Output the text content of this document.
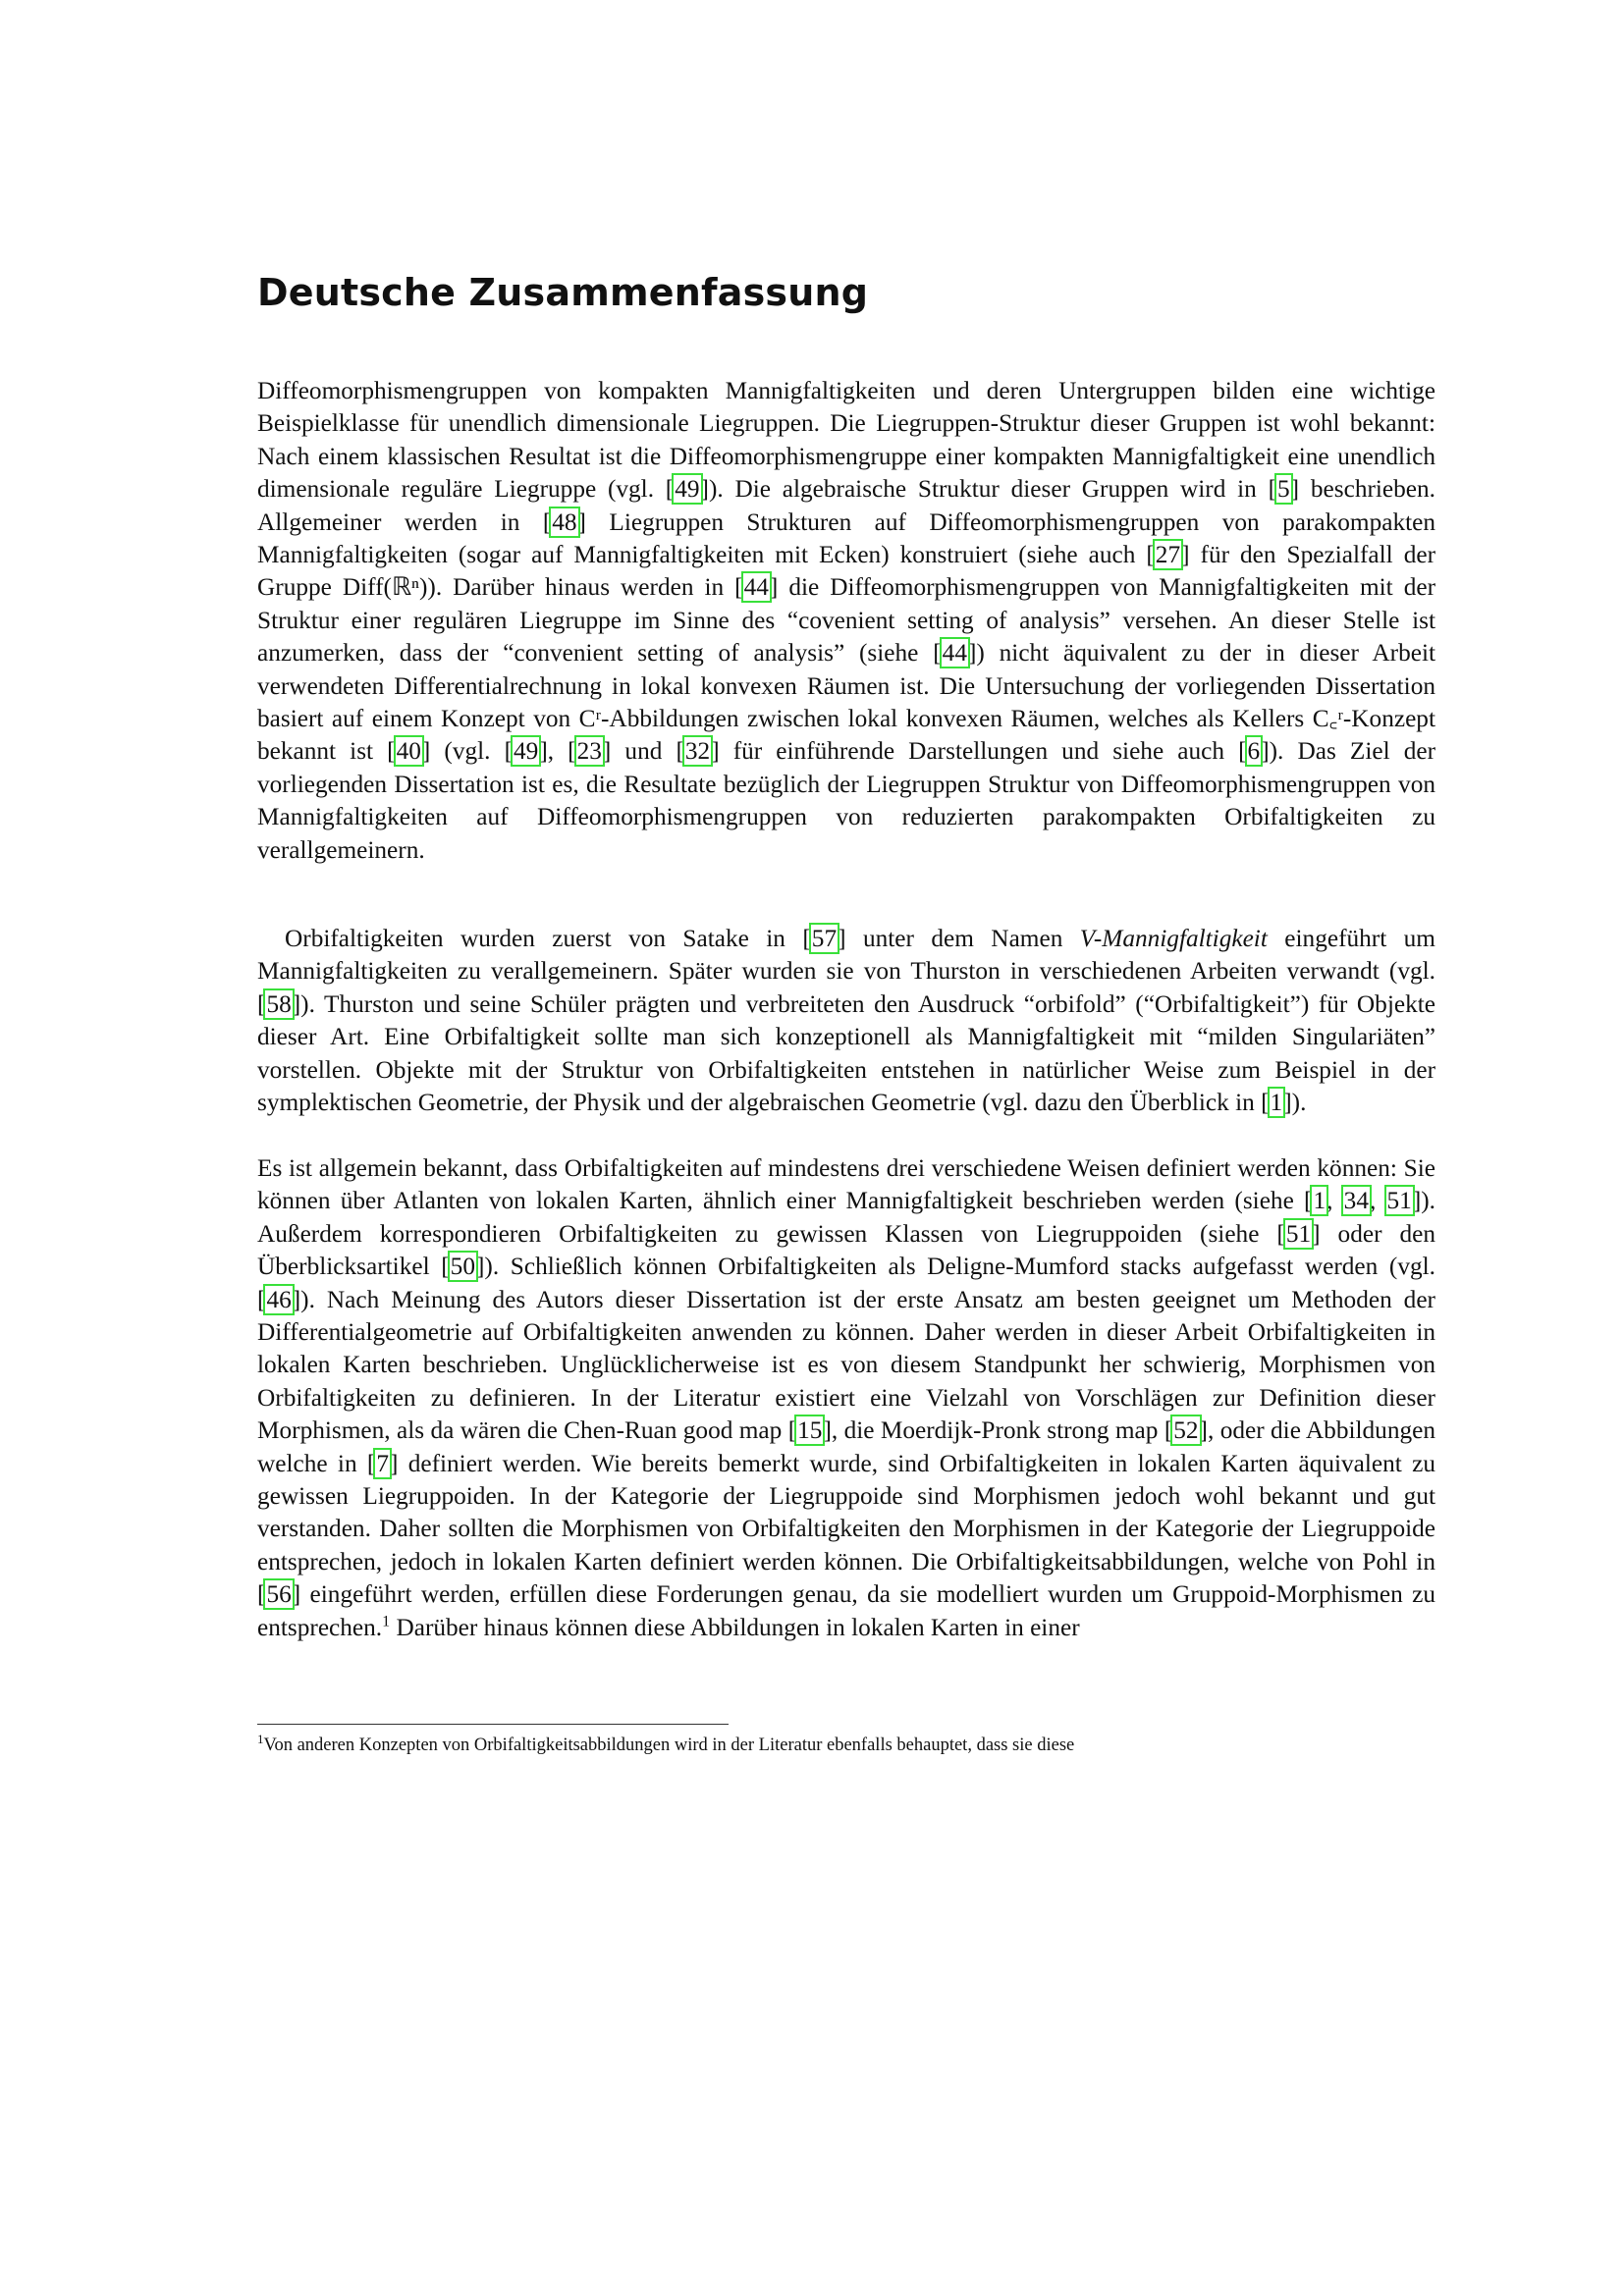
Deutsche Zusammenfassung

Diffeomorphismengruppen von kompakten Mannigfaltigkeiten und deren Untergruppen bilden eine wichtige Beispielklasse für unendlich dimensionale Liegruppen. Die Liegruppen-Struktur dieser Gruppen ist wohl bekannt: Nach einem klassischen Resultat ist die Diffeomorphismengruppe einer kompakten Mannigfaltigkeit eine unendlich dimensionale reguläre Liegruppe (vgl. [49]). Die algebraische Struktur dieser Gruppen wird in [5] beschrieben. Allgemeiner werden in [48] Liegruppen Strukturen auf Diffeomorphismengruppen von parakompakten Mannigfaltigkeiten (sogar auf Mannigfaltigkeiten mit Ecken) konstruiert (siehe auch [27] für den Spezialfall der Gruppe Diff(ℝⁿ)). Darüber hinaus werden in [44] die Diffeomorphismengruppen von Mannigfaltigkeiten mit der Struktur einer regulären Liegruppe im Sinne des “covenient setting of analysis” versehen. An dieser Stelle ist anzumerken, dass der “convenient setting of analysis” (siehe [44]) nicht äquivalent zu der in dieser Arbeit verwendeten Differentialrechnung in lokal konvexen Räumen ist. Die Untersuchung der vorliegenden Dissertation basiert auf einem Konzept von Cʳ-Abbildungen zwischen lokal konvexen Räumen, welches als Kellers C꜀ʳ-Konzept bekannt ist [40] (vgl. [49], [23] und [32] für einführende Darstellungen und siehe auch [6]). Das Ziel der vorliegenden Dissertation ist es, die Resultate bezüglich der Liegruppen Struktur von Diffeomorphismengruppen von Mannigfaltigkeiten auf Diffeomorphismengruppen von reduzierten parakompakten Orbifaltigkeiten zu verallgemeinern.

Orbifaltigkeiten wurden zuerst von Satake in [57] unter dem Namen V-Mannigfaltigkeit eingeführt um Mannigfaltigkeiten zu verallgemeinern. Später wurden sie von Thurston in verschiedenen Arbeiten verwandt (vgl. [58]). Thurston und seine Schüler prägten und verbreiteten den Ausdruck “orbifold” (“Orbifaltigkeit”) für Objekte dieser Art. Eine Orbifaltigkeit sollte man sich konzeptionell als Mannigfaltigkeit mit “milden Singulariäten” vorstellen. Objekte mit der Struktur von Orbifaltigkeiten entstehen in natürlicher Weise zum Beispiel in der symplektischen Geometrie, der Physik und der algebraischen Geometrie (vgl. dazu den Überblick in [1]).

Es ist allgemein bekannt, dass Orbifaltigkeiten auf mindestens drei verschiedene Weisen definiert werden können: Sie können über Atlanten von lokalen Karten, ähnlich einer Mannigfaltigkeit beschrieben werden (siehe [1, 34, 51]). Außerdem korrespondieren Orbifaltigkeiten zu gewissen Klassen von Liegruppoiden (siehe [51] oder den Überblicksartikel [50]). Schließlich können Orbifaltigkeiten als Deligne-Mumford stacks aufgefasst werden (vgl. [46]). Nach Meinung des Autors dieser Dissertation ist der erste Ansatz am besten geeignet um Methoden der Differentialgeometrie auf Orbifaltigkeiten anwenden zu können. Daher werden in dieser Arbeit Orbifaltigkeiten in lokalen Karten beschrieben. Unglücklicherweise ist es von diesem Standpunkt her schwierig, Morphismen von Orbifaltigkeiten zu definieren. In der Literatur existiert eine Vielzahl von Vorschlägen zur Definition dieser Morphismen, als da wären die Chen-Ruan good map [15], die Moerdijk-Pronk strong map [52], oder die Abbildungen welche in [7] definiert werden. Wie bereits bemerkt wurde, sind Orbifaltigkeiten in lokalen Karten äquivalent zu gewissen Liegruppoiden. In der Kategorie der Liegruppoide sind Morphismen jedoch wohl bekannt und gut verstanden. Daher sollten die Morphismen von Orbifaltigkeiten den Morphismen in der Kategorie der Liegruppoide entsprechen, jedoch in lokalen Karten definiert werden können. Die Orbifaltigkeitsabbildungen, welche von Pohl in [56] eingeführt werden, erfüllen diese Forderungen genau, da sie modelliert wurden um Gruppoid-Morphismen zu entsprechen.$^1$ Darüber hinaus können diese Abbildungen in lokalen Karten in einer

$^1$Von anderen Konzepten von Orbifaltigkeitsabbildungen wird in der Literatur ebenfalls behauptet, dass sie diese
